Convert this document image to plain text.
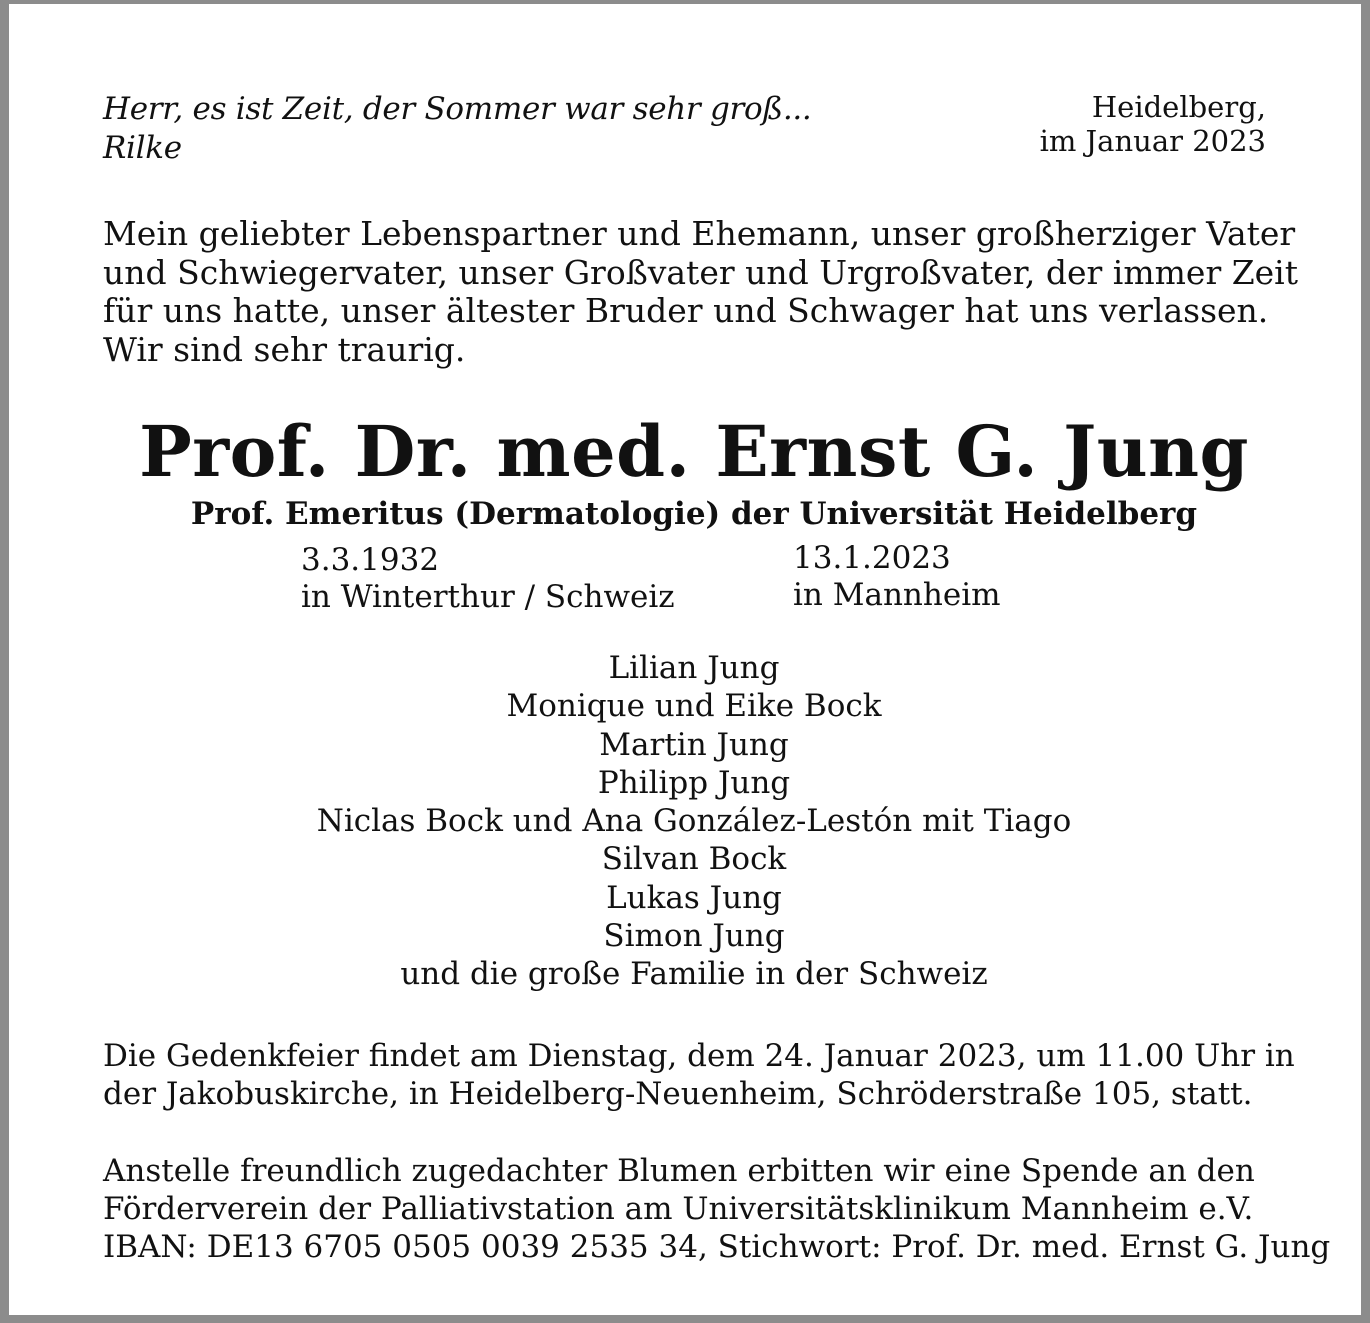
Herr, es ist Zeit, der Sommer war sehr groß...
Rilke
Heidelberg,
im Januar 2023
Mein geliebter Lebenspartner und Ehemann, unser großherziger Vater
und Schwiegervater, unser Großvater und Urgroßvater, der immer Zeit
für uns hatte, unser ältester Bruder und Schwager hat uns verlassen.
Wir sind sehr traurig.
Prof. Dr. med. Ernst G. Jung
Prof. Emeritus (Dermatologie) der Universität Heidelberg
3.3.1932
in Winterthur / Schweiz
13.1.2023
in Mannheim
Lilian Jung
Monique und Eike Bock
Martin Jung
Philipp Jung
Niclas Bock und Ana González-Lestón mit Tiago
Silvan Bock
Lukas Jung
Simon Jung
und die große Familie in der Schweiz
Die Gedenkfeier findet am Dienstag, dem 24. Januar 2023, um 11.00 Uhr in
der Jakobuskirche, in Heidelberg-Neuenheim, Schröderstraße 105, statt.
Anstelle freundlich zugedachter Blumen erbitten wir eine Spende an den
Förderverein der Palliativstation am Universitätsklinikum Mannheim e.V.
IBAN: DE13 6705 0505 0039 2535 34, Stichwort: Prof. Dr. med. Ernst G. Jung
